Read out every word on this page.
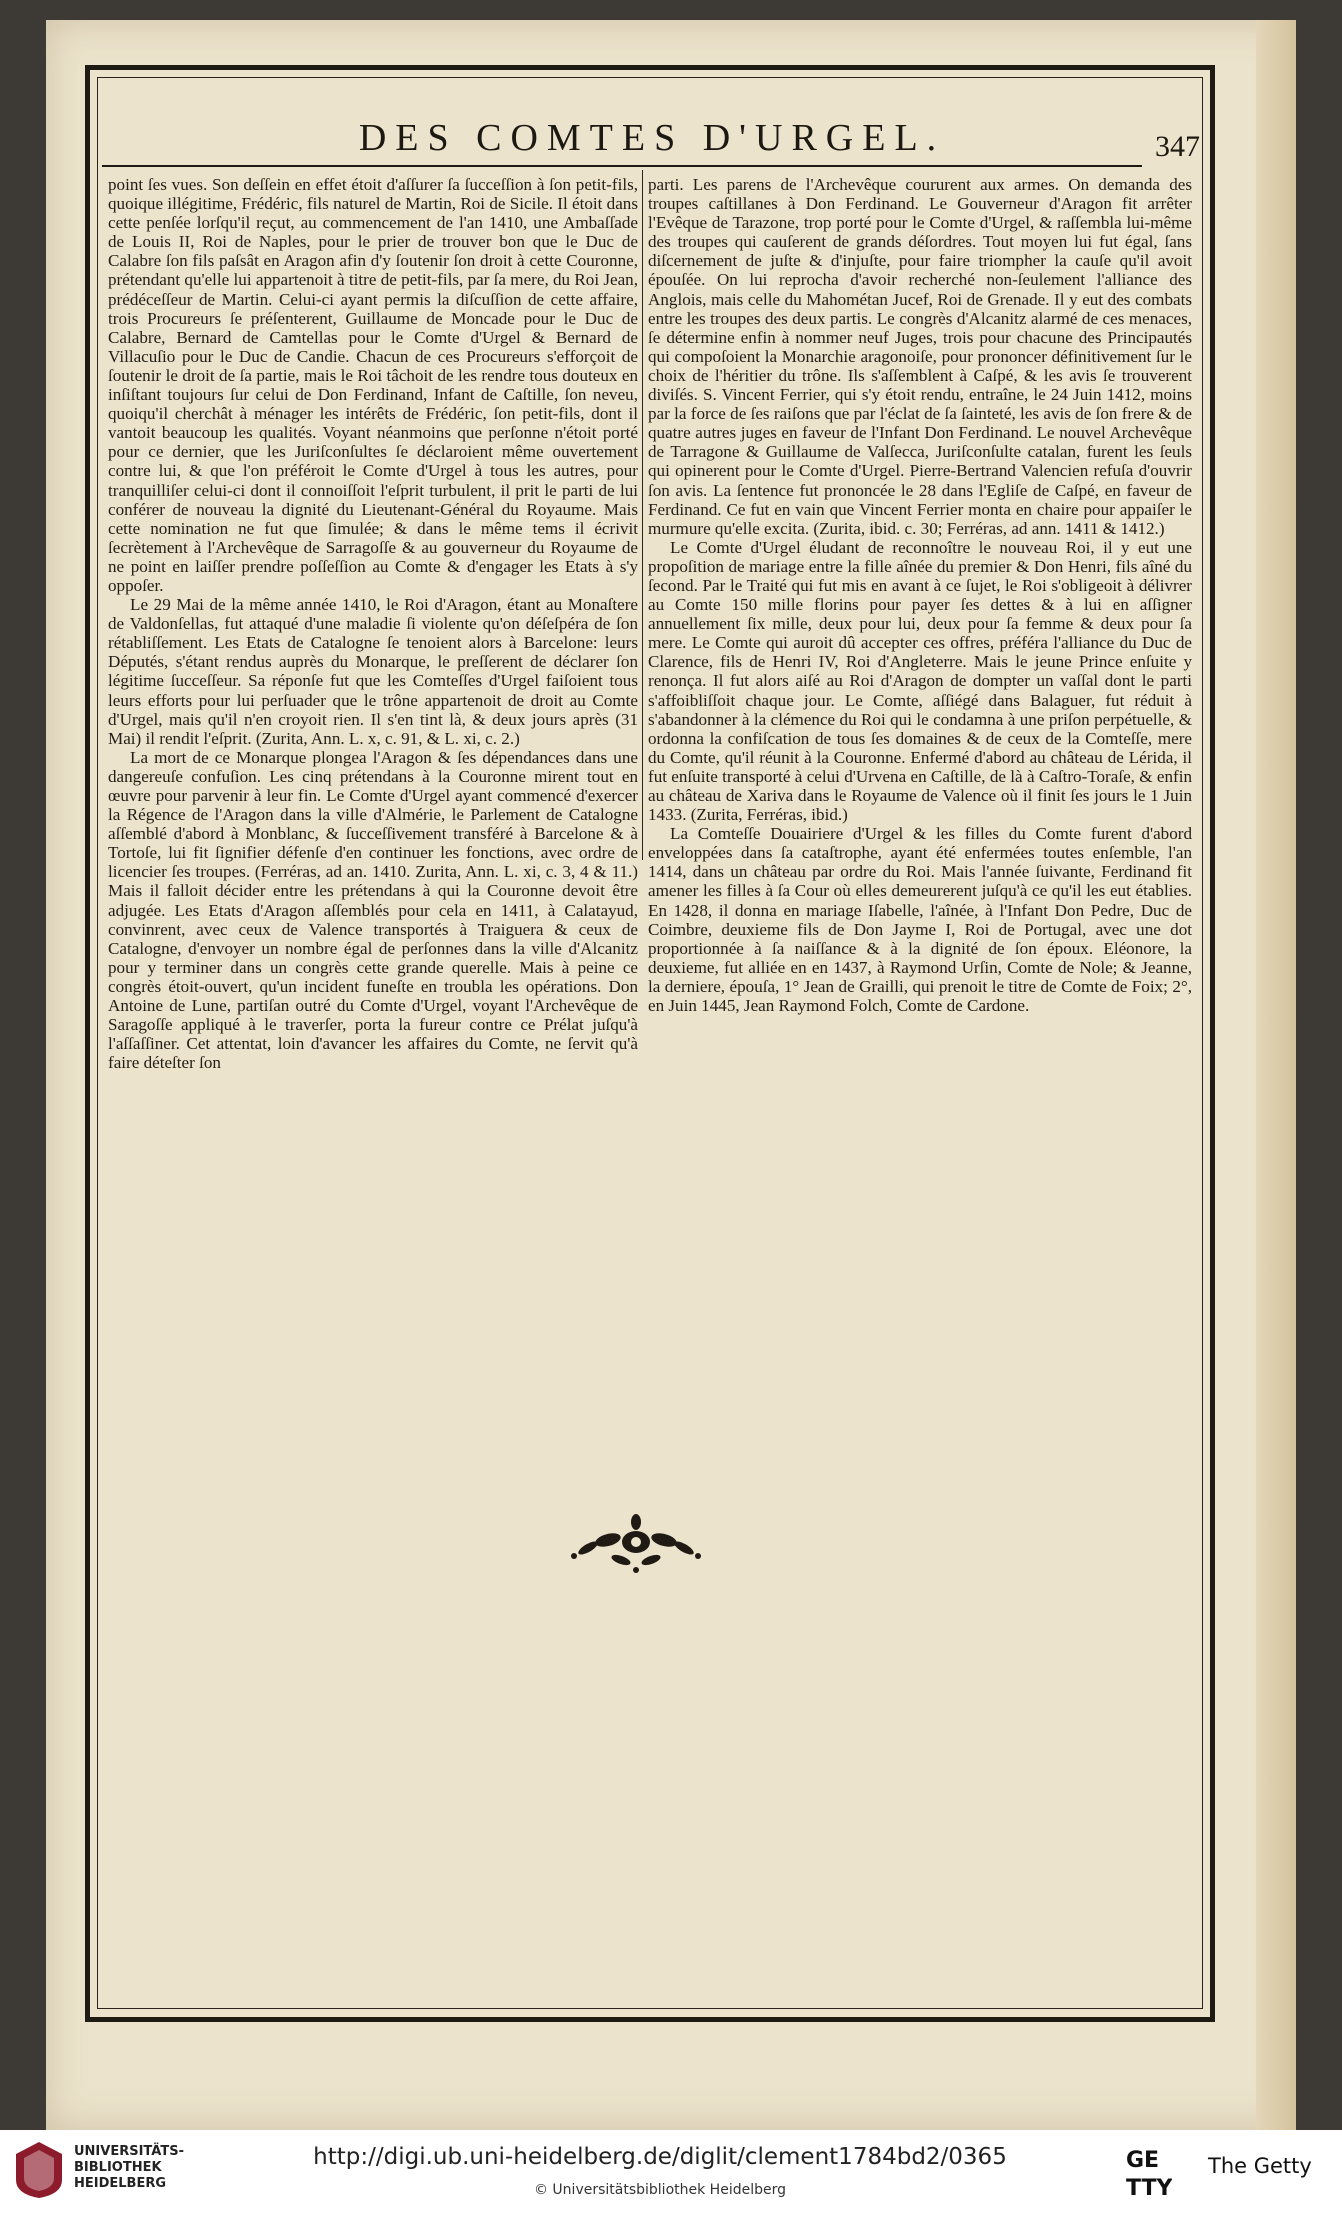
DES COMTES D'URGEL.	347

point ſes vues. Son deſſein en effet étoit d'aſſurer ſa ſucceſſion à ſon petit-fils, quoique illégitime, Frédéric, fils naturel de Martin, Roi de Sicile. Il étoit dans cette penſée lorſqu'il reçut, au commencement de l'an 1410, une Ambaſſade de Louis II, Roi de Naples, pour le prier de trouver bon que le Duc de Calabre ſon fils paſsât en Aragon afin d'y ſoutenir ſon droit à cette Couronne, prétendant qu'elle lui appartenoit à titre de petit-fils, par ſa mere, du Roi Jean, prédéceſſeur de Martin. Celui-ci ayant permis la diſcuſſion de cette affaire, trois Procureurs ſe préſenterent, Guillaume de Moncade pour le Duc de Calabre, Bernard de Camtellas pour le Comte d'Urgel & Bernard de Villacuſio pour le Duc de Candie. Chacun de ces Procureurs s'efforçoit de ſoutenir le droit de ſa partie, mais le Roi tâchoit de les rendre tous douteux en inſiſtant toujours ſur celui de Don Ferdinand, Infant de Caſtille, ſon neveu, quoiqu'il cherchât à ménager les intérêts de Frédéric, ſon petit-fils, dont il vantoit beaucoup les qualités. Voyant néanmoins que perſonne n'étoit porté pour ce dernier, que les Juriſconſultes ſe déclaroient même ouvertement contre lui, & que l'on préféroit le Comte d'Urgel à tous les autres, pour tranquilliſer celui-ci dont il connoiſſoit l'eſprit turbulent, il prit le parti de lui conférer de nouveau la dignité du Lieutenant-Général du Royaume. Mais cette nomination ne fut que ſimulée; & dans le même tems il écrivit ſecrètement à l'Archevêque de Sarragoſſe & au gouverneur du Royaume de ne point en laiſſer prendre poſſeſſion au Comte & d'engager les Etats à s'y oppoſer.

Le 29 Mai de la même année 1410, le Roi d'Aragon, étant au Monaſtere de Valdonſellas, fut attaqué d'une maladie ſi violente qu'on déſeſpéra de ſon rétabliſſement. Les Etats de Catalogne ſe tenoient alors à Barcelone: leurs Députés, s'étant rendus auprès du Monarque, le preſſerent de déclarer ſon légitime ſucceſſeur. Sa réponſe fut que les Comteſſes d'Urgel faiſoient tous leurs efforts pour lui perſuader que le trône appartenoit de droit au Comte d'Urgel, mais qu'il n'en croyoit rien. Il s'en tint là, & deux jours après (31 Mai) il rendit l'eſprit. (Zurita, Ann. L. x, c. 91, & L. xi, c. 2.)

La mort de ce Monarque plongea l'Aragon & ſes dépendances dans une dangereuſe confuſion. Les cinq prétendans à la Couronne mirent tout en œuvre pour parvenir à leur fin. Le Comte d'Urgel ayant commencé d'exercer la Régence de l'Aragon dans la ville d'Almérie, le Parlement de Catalogne aſſemblé d'abord à Monblanc, & ſucceſſivement transféré à Barcelone & à Tortoſe, lui fit ſignifier défenſe d'en continuer les fonctions, avec ordre de licencier ſes troupes. (Ferréras, ad an. 1410. Zurita, Ann. L. xi, c. 3, 4 & 11.) Mais il falloit décider entre les prétendans à qui la Couronne devoit être adjugée. Les Etats d'Aragon aſſemblés pour cela en 1411, à Calatayud, convinrent, avec ceux de Valence transportés à Traiguera & ceux de Catalogne, d'envoyer un nombre égal de perſonnes dans la ville d'Alcanitz pour y terminer dans un congrès cette grande querelle. Mais à peine ce congrès étoit-ouvert, qu'un incident funeſte en troubla les opérations. Don Antoine de Lune, partiſan outré du Comte d'Urgel, voyant l'Archevêque de Saragoſſe appliqué à le traverſer, porta la fureur contre ce Prélat juſqu'à l'aſſaſſiner. Cet attentat, loin d'avancer les affaires du Comte, ne ſervit qu'à faire déteſter ſon

parti. Les parens de l'Archevêque coururent aux armes. On demanda des troupes caſtillanes à Don Ferdinand. Le Gouverneur d'Aragon fit arrêter l'Evêque de Tarazone, trop porté pour le Comte d'Urgel, & raſſembla lui-même des troupes qui cauſerent de grands déſordres. Tout moyen lui fut égal, ſans diſcernement de juſte & d'injuſte, pour faire triompher la cauſe qu'il avoit épouſée. On lui reprocha d'avoir recherché non-ſeulement l'alliance des Anglois, mais celle du Mahométan Jucef, Roi de Grenade. Il y eut des combats entre les troupes des deux partis. Le congrès d'Alcanitz alarmé de ces menaces, ſe détermine enfin à nommer neuf Juges, trois pour chacune des Principautés qui compoſoient la Monarchie aragonoiſe, pour prononcer définitivement ſur le choix de l'héritier du trône. Ils s'aſſemblent à Caſpé, & les avis ſe trouverent diviſés. S. Vincent Ferrier, qui s'y étoit rendu, entraîne, le 24 Juin 1412, moins par la force de ſes raiſons que par l'éclat de ſa ſainteté, les avis de ſon frere & de quatre autres juges en faveur de l'Infant Don Ferdinand. Le nouvel Archevêque de Tarragone & Guillaume de Valſecca, Juriſconſulte catalan, furent les ſeuls qui opinerent pour le Comte d'Urgel. Pierre-Bertrand Valencien refuſa d'ouvrir ſon avis. La ſentence fut prononcée le 28 dans l'Egliſe de Caſpé, en faveur de Ferdinand. Ce fut en vain que Vincent Ferrier monta en chaire pour appaiſer le murmure qu'elle excita. (Zurita, ibid. c. 30; Ferréras, ad ann. 1411 & 1412.)

Le Comte d'Urgel éludant de reconnoître le nouveau Roi, il y eut une propoſition de mariage entre la fille aînée du premier & Don Henri, fils aîné du ſecond. Par le Traité qui fut mis en avant à ce ſujet, le Roi s'obligeoit à délivrer au Comte 150 mille florins pour payer ſes dettes & à lui en aſſigner annuellement ſix mille, deux pour lui, deux pour ſa femme & deux pour ſa mere. Le Comte qui auroit dû accepter ces offres, préféra l'alliance du Duc de Clarence, fils de Henri IV, Roi d'Angleterre. Mais le jeune Prince enſuite y renonça. Il fut alors aiſé au Roi d'Aragon de dompter un vaſſal dont le parti s'affoibliſſoit chaque jour. Le Comte, aſſiégé dans Balaguer, fut réduit à s'abandonner à la clémence du Roi qui le condamna à une priſon perpétuelle, & ordonna la confiſcation de tous ſes domaines & de ceux de la Comteſſe, mere du Comte, qu'il réunit à la Couronne. Enfermé d'abord au château de Lérida, il fut enſuite transporté à celui d'Urvena en Caſtille, de là à Caſtro-Toraſe, & enfin au château de Xariva dans le Royaume de Valence où il finit ſes jours le 1 Juin 1433. (Zurita, Ferréras, ibid.)

La Comteſſe Douairiere d'Urgel & les filles du Comte furent d'abord enveloppées dans ſa cataſtrophe, ayant été enfermées toutes enſemble, l'an 1414, dans un château par ordre du Roi. Mais l'année ſuivante, Ferdinand fit amener les filles à ſa Cour où elles demeurerent juſqu'à ce qu'il les eut établies. En 1428, il donna en mariage Iſabelle, l'aînée, à l'Infant Don Pedre, Duc de Coimbre, deuxieme fils de Don Jayme I, Roi de Portugal, avec une dot proportionnée à ſa naiſſance & à la dignité de ſon époux. Eléonore, la deuxieme, fut alliée en en 1437, à Raymond Urſin, Comte de Nole; & Jeanne, la derniere, épouſa, 1° Jean de Grailli, qui prenoit le titre de Comte de Foix; 2°, en Juin 1445, Jean Raymond Folch, Comte de Cardone.

UNIVERSITÄTS-
BIBLIOTHEK
HEIDELBERG
http://digi.ub.uni-heidelberg.de/diglit/clement1784bd2/0365
© Universitätsbibliothek Heidelberg
GE
TTY
The Getty
